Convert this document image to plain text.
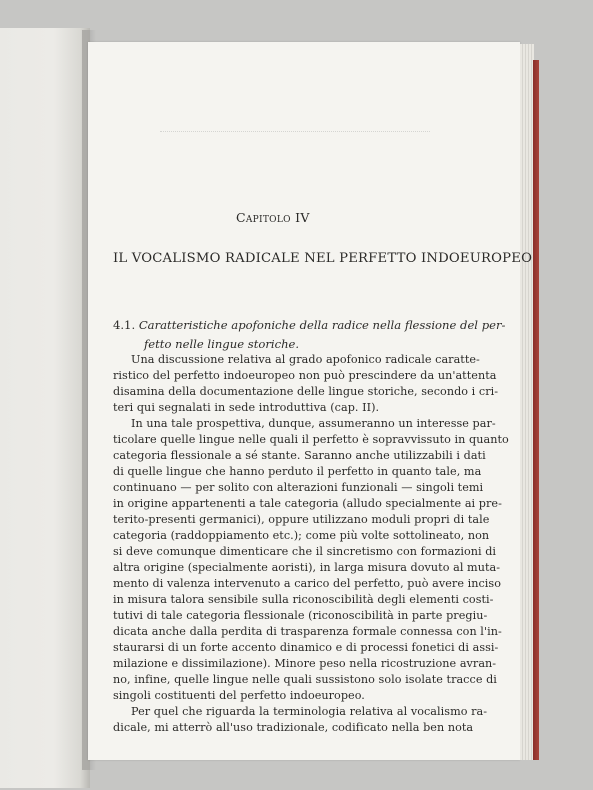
Capitolo IV
IL VOCALISMO RADICALE NEL PERFETTO INDOEUROPEO
4.1. Caratteristiche apofoniche della radice nella flessione del per-
fetto nelle lingue storiche.
Una discussione relativa al grado apofonico radicale caratte-
ristico del perfetto indoeuropeo non può prescindere da un'attenta
disamina della documentazione delle lingue storiche, secondo i cri-
teri qui segnalati in sede introduttiva (cap. II).
In una tale prospettiva, dunque, assumeranno un interesse par-
ticolare quelle lingue nelle quali il perfetto è sopravvissuto in quanto
categoria flessionale a sé stante. Saranno anche utilizzabili i dati
di quelle lingue che hanno perduto il perfetto in quanto tale, ma
continuano — per solito con alterazioni funzionali — singoli temi
in origine appartenenti a tale categoria (alludo specialmente ai pre-
terito-presenti germanici), oppure utilizzano moduli propri di tale
categoria (raddoppiamento etc.); come più volte sottolineato, non
si deve comunque dimenticare che il sincretismo con formazioni di
altra origine (specialmente aoristi), in larga misura dovuto al muta-
mento di valenza intervenuto a carico del perfetto, può avere inciso
in misura talora sensibile sulla riconoscibilità degli elementi costi-
tutivi di tale categoria flessionale (riconoscibilità in parte pregiu-
dicata anche dalla perdita di trasparenza formale connessa con l'in-
staurarsi di un forte accento dinamico e di processi fonetici di assi-
milazione e dissimilazione). Minore peso nella ricostruzione avran-
no, infine, quelle lingue nelle quali sussistono solo isolate tracce di
singoli costituenti del perfetto indoeuropeo.
Per quel che riguarda la terminologia relativa al vocalismo ra-
dicale, mi atterrò all'uso tradizionale, codificato nella ben nota
